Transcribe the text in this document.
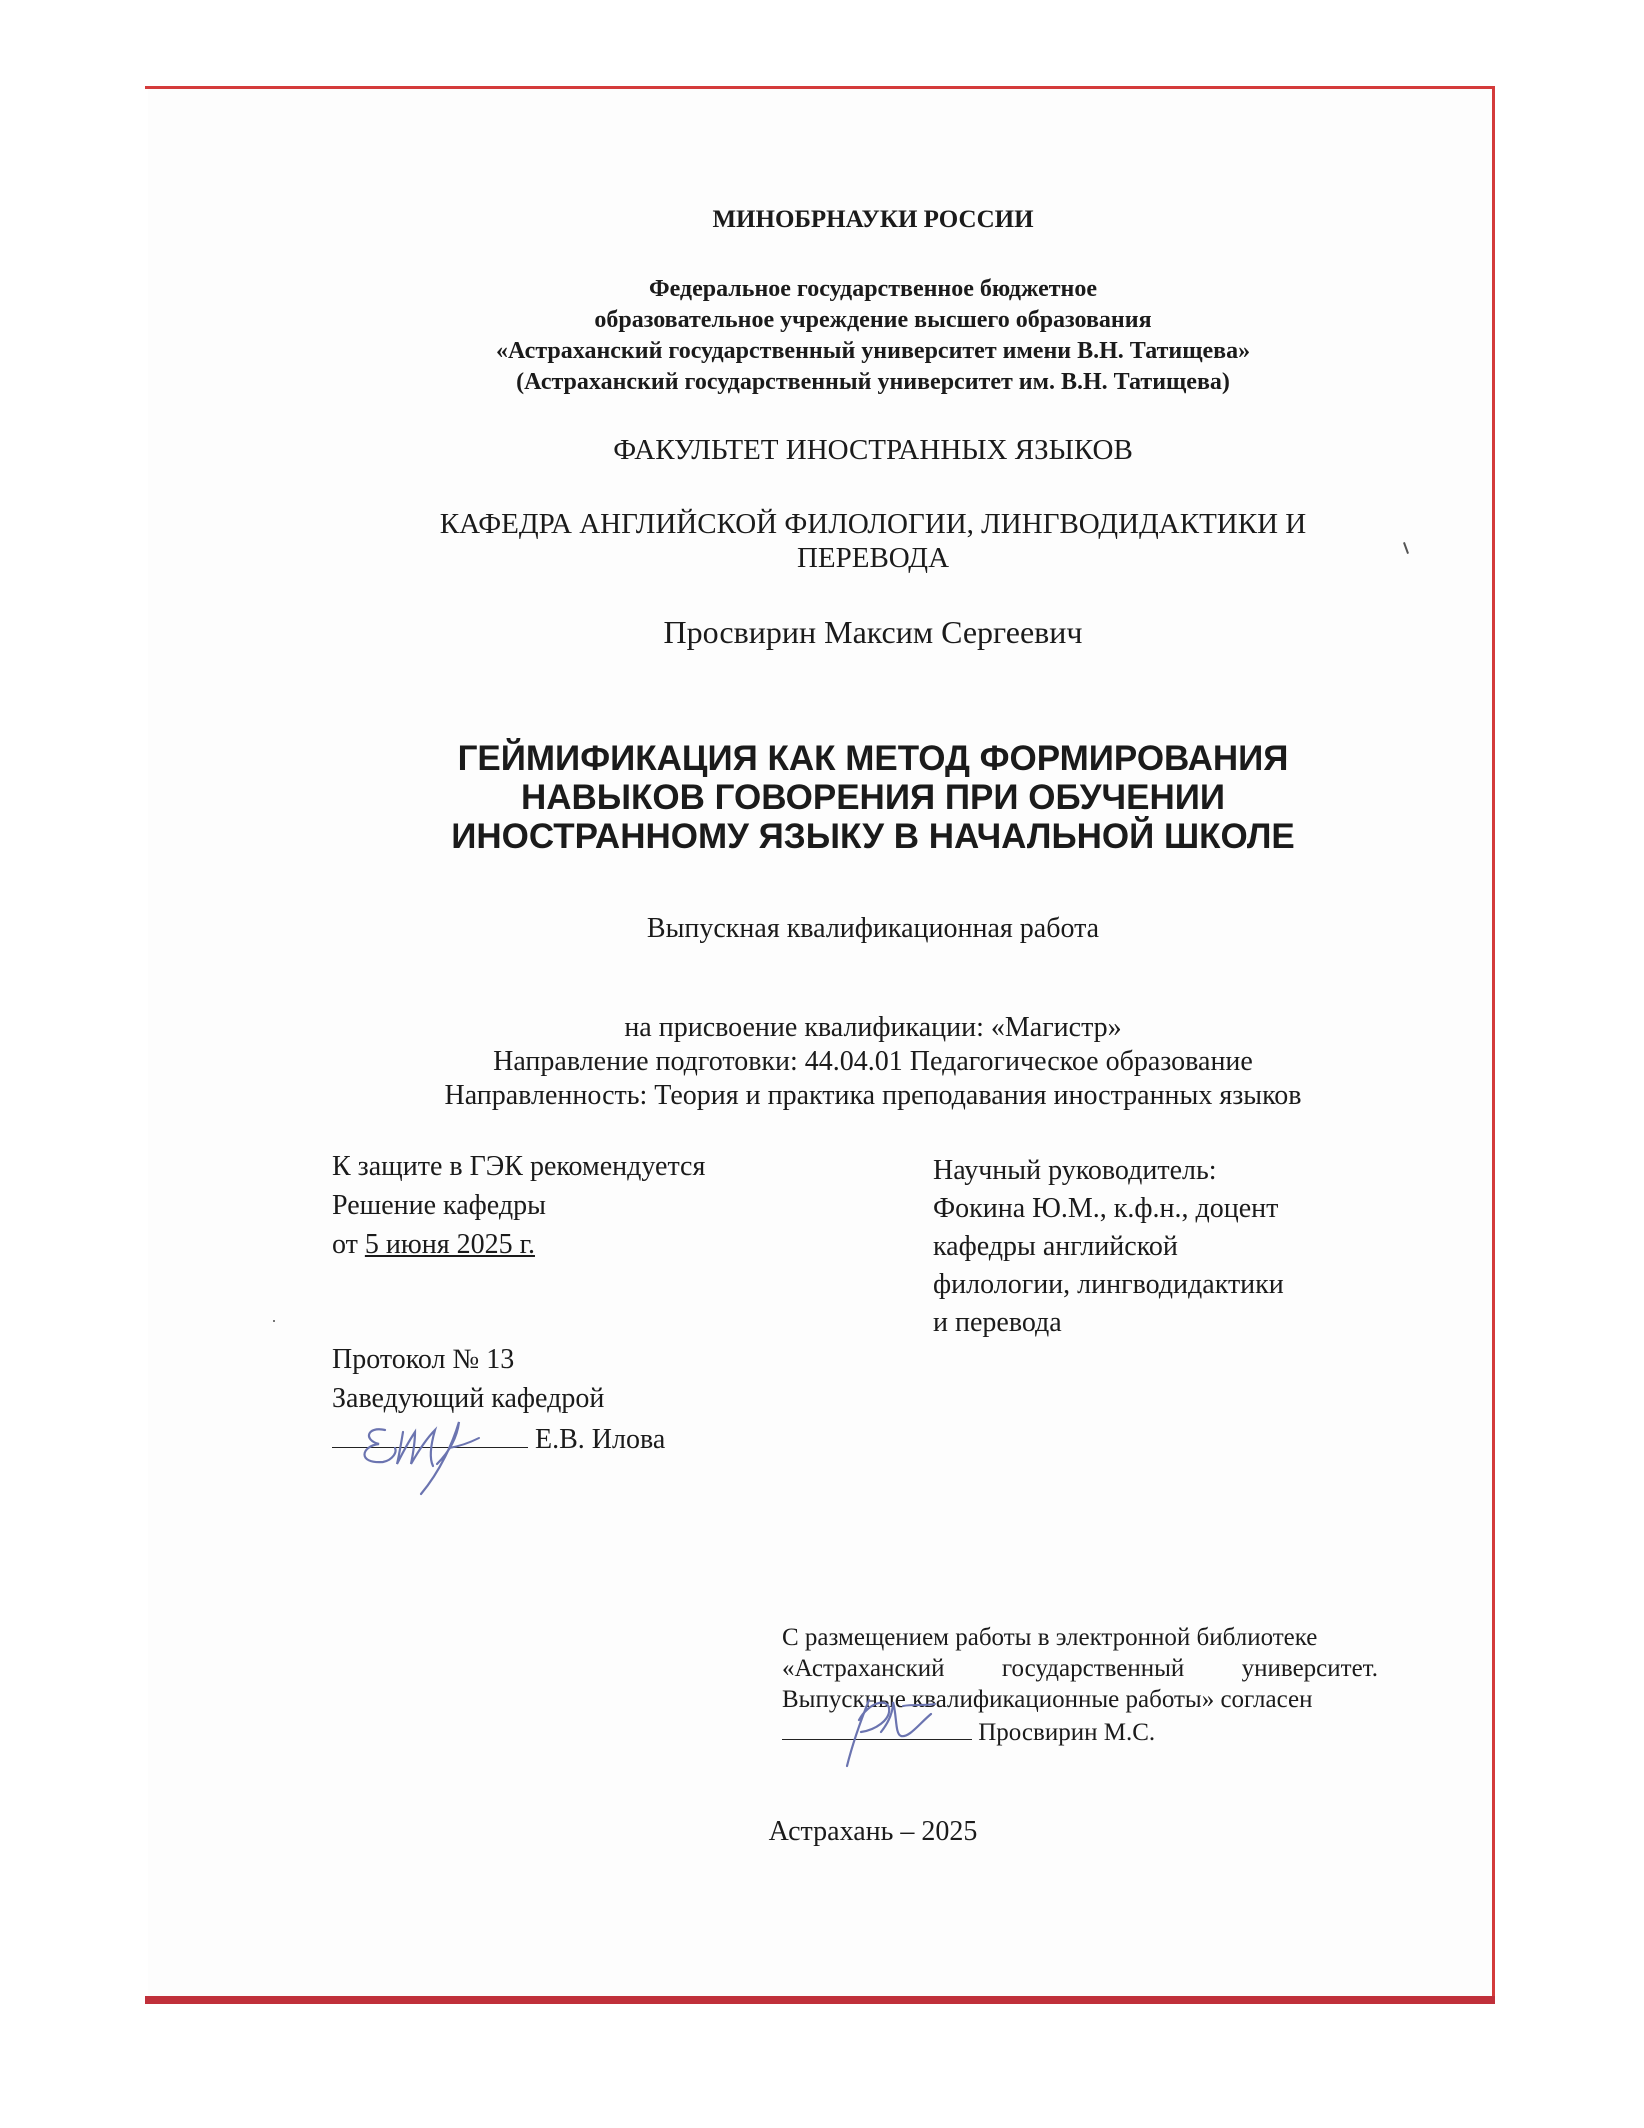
МИНОБРНАУКИ РОССИИ
Федеральное государственное бюджетное
образовательное учреждение высшего образования
«Астраханский государственный университет имени В.Н. Татищева»
(Астраханский государственный университет им. В.Н. Татищева)
ФАКУЛЬТЕТ ИНОСТРАННЫХ ЯЗЫКОВ
КАФЕДРА АНГЛИЙСКОЙ ФИЛОЛОГИИ, ЛИНГВОДИДАКТИКИ И
ПЕРЕВОДА
Просвирин Максим Сергеевич
ГЕЙМИФИКАЦИЯ КАК МЕТОД ФОРМИРОВАНИЯ
НАВЫКОВ ГОВОРЕНИЯ ПРИ ОБУЧЕНИИ
ИНОСТРАННОМУ ЯЗЫКУ В НАЧАЛЬНОЙ ШКОЛЕ
Выпускная квалификационная работа
на присвоение квалификации: «Магистр»
Направление подготовки: 44.04.01 Педагогическое образование
Направленность: Теория и практика преподавания иностранных языков
К защите в ГЭК рекомендуется
Решение кафедры
от 5 июня 2025 г.
Протокол № 13
Заведующий кафедрой
Е.В. Илова
Научный руководитель:
Фокина Ю.М., к.ф.н., доцент
кафедры английской
филологии, лингводидактики
и перевода
С размещением работы в электронной библиотеке
«Астраханский государственный университет.
Выпускные квалификационные работы» согласен
Просвирин М.С.
Астрахань – 2025
